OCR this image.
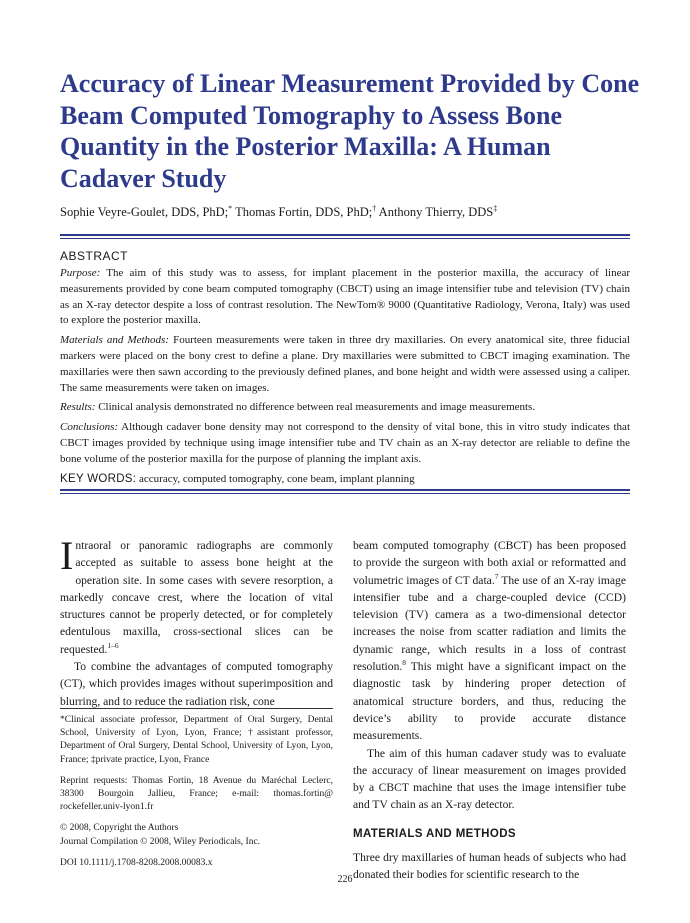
Accuracy of Linear Measurement Provided by Cone Beam Computed Tomography to Assess Bone Quantity in the Posterior Maxilla: A Human Cadaver Study
Sophie Veyre-Goulet, DDS, PhD;* Thomas Fortin, DDS, PhD;† Anthony Thierry, DDS‡
ABSTRACT

Purpose: The aim of this study was to assess, for implant placement in the posterior maxilla, the accuracy of linear measurements provided by cone beam computed tomography (CBCT) using an image intensifier tube and television (TV) chain as an X-ray detector despite a loss of contrast resolution. The NewTom® 9000 (Quantitative Radiology, Verona, Italy) was used to explore the posterior maxilla.

Materials and Methods: Fourteen measurements were taken in three dry maxillaries. On every anatomical site, three fiducial markers were placed on the bony crest to define a plane. Dry maxillaries were submitted to CBCT imaging examination. The maxillaries were then sawn according to the previously defined planes, and bone height and width were assessed using a caliper. The same measurements were taken on images.

Results: Clinical analysis demonstrated no difference between real measurements and image measurements.

Conclusions: Although cadaver bone density may not correspond to the density of vital bone, this in vitro study indicates that CBCT images provided by technique using image intensifier tube and TV chain as an X-ray detector are reliable to define the bone volume of the posterior maxilla for the purpose of planning the implant axis.

KEY WORDS: accuracy, computed tomography, cone beam, implant planning

Intraoral or panoramic radiographs are commonly accepted as suitable to assess bone height at the operation site. In some cases with severe resorption, a markedly concave crest, where the location of vital structures cannot be properly detected, or for completely edentulous maxilla, cross-sectional slices can be requested.$^{1-6}$

To combine the advantages of computed tomography (CT), which provides images without superimposition and blurring, and to reduce the radiation risk, cone

*Clinical associate professor, Department of Oral Surgery, Dental School, University of Lyon, Lyon, France; †assistant professor, Department of Oral Surgery, Dental School, University of Lyon, Lyon, France; ‡private practice, Lyon, France

Reprint requests: Thomas Fortin, 18 Avenue du Maréchal Leclerc, 38300 Bourgoin Jallieu, France; e-mail: thomas.fortin@ rockefeller.univ-lyon1.fr

© 2008, Copyright the Authors
Journal Compilation © 2008, Wiley Periodicals, Inc.

DOI 10.1111/j.1708-8208.2008.00083.x

beam computed tomography (CBCT) has been proposed to provide the surgeon with both axial or reformatted and volumetric images of CT data.$^7$ The use of an X-ray image intensifier tube and a charge-coupled device (CCD) television (TV) camera as a two-dimensional detector increases the noise from scatter radiation and limits the dynamic range, which results in a loss of contrast resolution.$^8$ This might have a significant impact on the diagnostic task by hindering proper detection of anatomical structure borders, and thus, reducing the device’s ability to provide accurate distance measurements.

The aim of this human cadaver study was to evaluate the accuracy of linear measurement on images provided by a CBCT machine that uses the image intensifier tube and TV chain as an X-ray detector.

MATERIALS AND METHODS

Three dry maxillaries of human heads of subjects who had donated their bodies for scientific research to the

226
